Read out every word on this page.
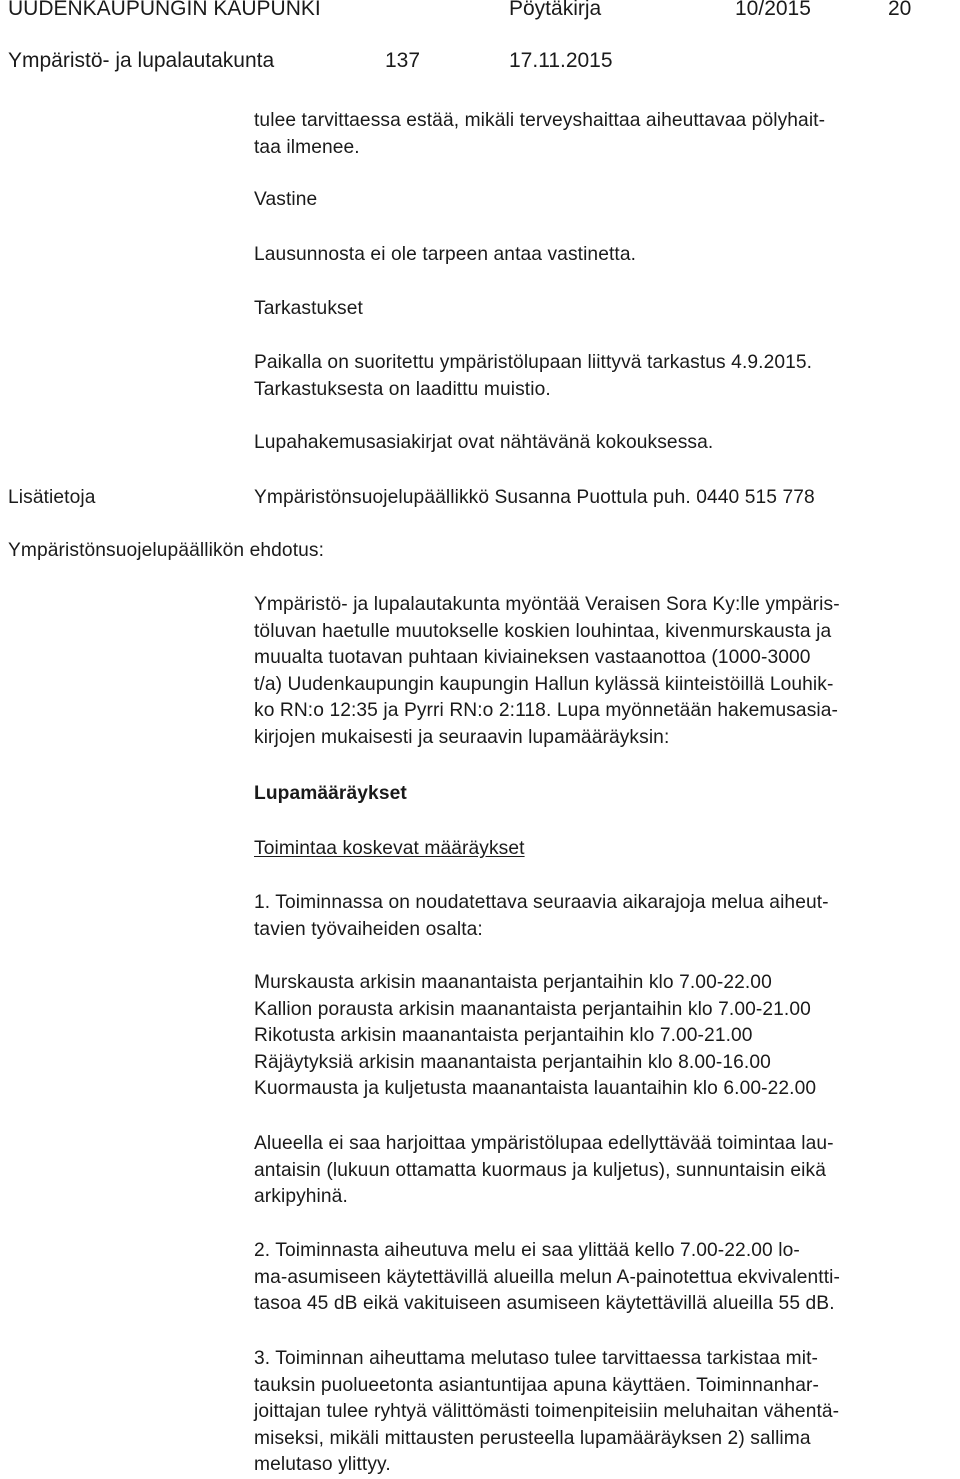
UUDENKAUPUNGIN KAUPUNKI	Pöytäkirja	10/2015	20
Ympäristö- ja lupalautakunta	137	17.11.2015
tulee tarvittaessa estää, mikäli terveyshaittaa aiheuttavaa pölyhait-
taa ilmenee.
Vastine
Lausunnosta ei ole tarpeen antaa vastinetta.
Tarkastukset
Paikalla on suoritettu ympäristölupaan liittyvä tarkastus 4.9.2015.
Tarkastuksesta on laadittu muistio.
Lupahakemusasiakirjat ovat nähtävänä kokouksessa.
Lisätietoja	Ympäristönsuojelupäällikkö Susanna Puottula puh. 0440 515 778
Ympäristönsuojelupäällikön ehdotus:
Ympäristö- ja lupalautakunta myöntää Veraisen Sora Ky:lle ympäris-
töluvan haetulle muutokselle koskien louhintaa, kivenmurskausta ja
muualta tuotavan puhtaan kiviaineksen vastaanottoa (1000-3000
t/a) Uudenkaupungin kaupungin Hallun kylässä kiinteistöillä Louhik-
ko RN:o 12:35 ja Pyrri RN:o 2:118. Lupa myönnetään hakemusasia-
kirjojen mukaisesti ja seuraavin lupamääräyksin:
Lupamääräykset
Toimintaa koskevat määräykset
1. Toiminnassa on noudatettava seuraavia aikarajoja melua aiheut-
tavien työvaiheiden osalta:
Murskausta arkisin maanantaista perjantaihin klo 7.00-22.00
Kallion porausta arkisin maanantaista perjantaihin klo 7.00-21.00
Rikotusta arkisin maanantaista perjantaihin klo 7.00-21.00
Räjäytyksiä arkisin maanantaista perjantaihin klo 8.00-16.00
Kuormausta ja kuljetusta maanantaista lauantaihin klo 6.00-22.00
Alueella ei saa harjoittaa ympäristölupaa edellyttävää toimintaa lau-
antaisin (lukuun ottamatta kuormaus ja kuljetus), sunnuntaisin eikä
arkipyhinä.
2. Toiminnasta aiheutuva melu ei saa ylittää kello 7.00-22.00 lo-
ma-asumiseen käytettävillä alueilla melun A-painotettua ekvivalentti-
tasoa 45 dB eikä vakituiseen asumiseen käytettävillä alueilla 55 dB.
3. Toiminnan aiheuttama melutaso tulee tarvittaessa tarkistaa mit-
tauksin puolueetonta asiantuntijaa apuna käyttäen. Toiminnanhar-
joittajan tulee ryhtyä välittömästi toimenpiteisiin meluhaitan vähentä-
miseksi, mikäli mittausten perusteella lupamääräyksen 2) sallima
melutaso ylittyy.
